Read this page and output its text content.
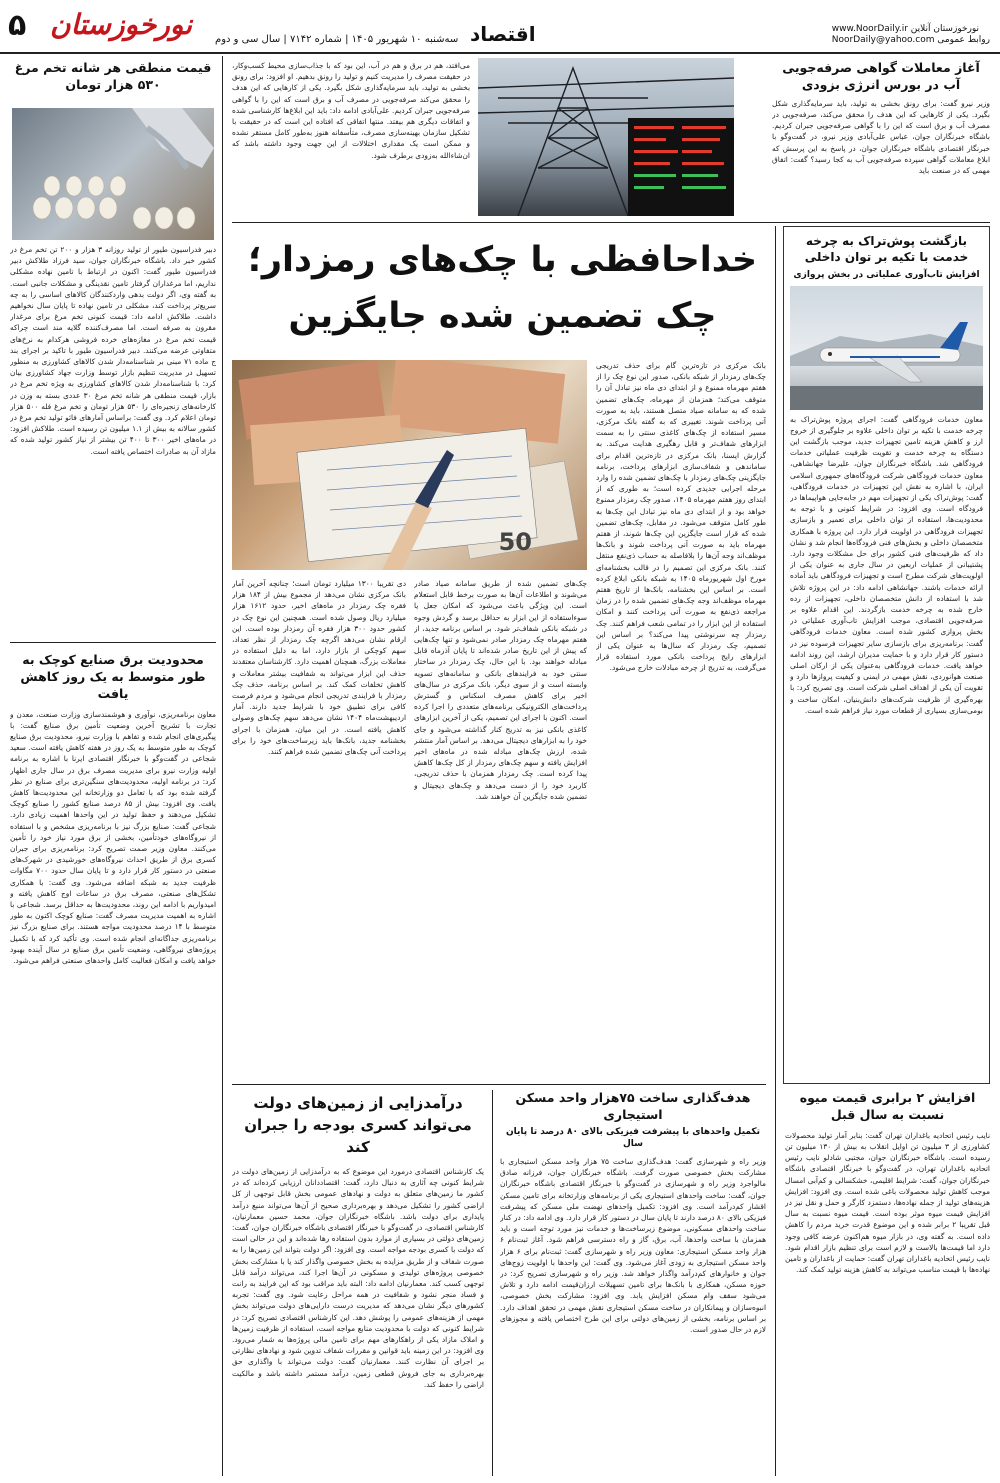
۵ نورخوزستان سه‌شنبه ۱۰ شهریور ۱۴۰۵ | شماره ۷۱۴۲ | سال سی و دوم اقتصاد	www.NoorDaily.ir نورخوزستان آنلاین
NoorDaily@yahoo.com روابط عمومی
آغاز معاملات گواهی صرفه‌جویی آب در بورس انرژی بزودی
وزیر نیرو گفت: برای رونق بخشی به تولید، باید سرمایه‌گذاری شکل بگیرد. یکی از کارهایی که این هدف را محقق می‌کند، صرفه‌جویی در مصرف آب و برق است که این را با گواهی صرفه‌جویی جبران کردیم. باشگاه خبرنگاران جوان، عباس علی‌آبادی وزیر نیرو، در گفت‌وگو با خبرنگار اقتصادی باشگاه خبرنگاران جوان، در پاسخ به این پرسش که ابلاغ معاملات گواهی سپرده صرفه‌جویی آب به کجا رسید؟ گفت: اتفاق مهمی که در صنعت باید
می‌افتد، هم در برق و هم در آب، این بود که با جذاب‌سازی محیط کسب‌وکار، در حقیقت مصرف را مدیریت کنیم و تولید را رونق بدهیم. او افزود: برای رونق بخشی به تولید، باید سرمایه‌گذاری شکل بگیرد. یکی از کارهایی که این هدف را محقق می‌کند صرفه‌جویی در مصرف آب و برق است که این را با گواهی صرفه‌جویی جبران کردیم. علی‌آبادی ادامه داد: باید این ابلاغ‌ها کارشناسی شده و اتفاقات دیگری هم بیفتد. منتها اتفاقی که افتاده این است که در حقیقت با تشکیل سازمان بهینه‌سازی مصرف، متأسفانه هنوز به‌طور کامل مستقر نشده و ممکن است یک مقداری اختلالات از این جهت وجود داشته باشد که ان‌شاءالله به‌زودی برطرف شود.
قیمت منطقی هر شانه تخم مرغ ۵۳۰ هزار تومان
دبیر فدراسیون طیور از تولید روزانه ۳ هزار و ۲۰۰ تن تخم مرغ در کشور خبر داد. باشگاه خبرنگاران جوان، سید فرزاد طلاکش دبیر فدراسیون طیور گفت: اکنون در ارتباط با تامین نهاده مشکلی نداریم، اما مرغداران گرفتار تامین نقدینگی و مشکلات جانبی است. به گفته وی، اگر دولت بدهی واردکنندگان کالاهای اساسی را به چه سریع‌تر پرداخت کند، مشکلی در تامین نهاده تا پایان سال نخواهیم داشت. طلاکش ادامه داد: قیمت کنونی تخم مرغ برای مرغدار مقرون به صرفه است. اما مصرف‌کننده گلایه مند است چراکه قیمت تخم مرغ در مغازه‌های خرده فروشی هرکدام به نرخ‌های متفاوتی عرضه می‌کنند. دبیر فدراسیون طیور با تاکید بر اجرای بند ج ماده ۷۱ مبنی بر شناسنامه‌دار شدن کالاهای کشاورزی به منظور تسهیل در مدیریت تنظیم بازار توسط وزارت جهاد کشاورزی بیان کرد: با شناسنامه‌دار شدن کالاهای کشاورزی به ویژه تخم مرغ در بازار، قیمت منطقی هر شانه تخم مرغ ۳۰ عددی بسته به وزن در کارخانه‌های زنجیره‌ای را ۵۳۰ هزار تومان و تخم مرغ فله ۵۰۰ هزار تومان اعلام کرد. وی گفت: براساس آمارهای فائو تولید تخم مرغ در کشور سالانه به بیش از ۱.۱ میلیون تن رسیده است. طلاکش افزود: در ماه‌های اخیر ۳۰۰ تا ۴۰۰ تن بیشتر از نیاز کشور تولید شده که مازاد آن به صادرات اختصاص یافته است.
محدودیت برق صنایع کوچک به طور متوسط به یک روز کاهش یافت
معاون برنامه‌ریزی، نوآوری و هوشمندسازی وزارت صنعت، معدن و تجارت با تشریح آخرین وضعیت تأمین برق صنایع گفت: با پیگیری‌های انجام شده و تفاهم با وزارت نیرو، محدودیت برق صنایع کوچک به طور متوسط به یک روز در هفته کاهش یافته است. سعید شجاعی در گفت‌وگو با خبرنگار اقتصادی ایرنا با اشاره به برنامه اولیه وزارت نیرو برای مدیریت مصرف برق در سال جاری اظهار کرد: در برنامه اولیه، محدودیت‌های سنگین‌تری برای صنایع در نظر گرفته شده بود که با تعامل دو وزارتخانه این محدودیت‌ها کاهش یافت. وی افزود: بیش از ۸۵ درصد صنایع کشور را صنایع کوچک تشکیل می‌دهند و حفظ تولید در این واحدها اهمیت زیادی دارد. شجاعی گفت: صنایع بزرگ نیز با برنامه‌ریزی مشخص و با استفاده از نیروگاه‌های خودتأمین، بخشی از برق مورد نیاز خود را تأمین می‌کنند. معاون وزیر صمت تصریح کرد: برنامه‌ریزی برای جبران کسری برق از طریق احداث نیروگاه‌های خورشیدی در شهرک‌های صنعتی در دستور کار قرار دارد و تا پایان سال حدود ۷۰۰ مگاوات ظرفیت جدید به شبکه اضافه می‌شود. وی گفت: با همکاری تشکل‌های صنعتی، مصرف برق در ساعات اوج کاهش یافته و امیدواریم با ادامه این روند، محدودیت‌ها به حداقل برسد. شجاعی با اشاره به اهمیت مدیریت مصرف گفت: صنایع کوچک اکنون به طور متوسط با ۱۴ درصد محدودیت مواجه هستند. برای صنایع بزرگ نیز برنامه‌ریزی جداگانه‌ای انجام شده است. وی تأکید کرد که با تکمیل پروژه‌های نیروگاهی، وضعیت تأمین برق صنایع در سال آینده بهبود خواهد یافت و امکان فعالیت کامل واحدهای صنعتی فراهم می‌شود.
بازگشت پوش‌تراک به چرخه خدمت با تکیه بر توان داخلی
افزایش تاب‌آوری عملیاتی در بخش پروازی
معاون خدمات فرودگاهی گفت: اجرای پروژه پوش‌تراک به چرخه خدمت با تکیه بر توان داخلی علاوه بر جلوگیری از خروج ارز و کاهش هزینه تامین تجهیزات جدید، موجب بازگشت این دستگاه به چرخه خدمت و تقویت ظرفیت عملیاتی خدمات فرودگاهی شد. باشگاه خبرنگاران جوان، علیرضا جهانشاهی، معاون خدمات فرودگاهی شرکت فرودگاه‌های جمهوری اسلامی ایران، با اشاره به نقش این تجهیزات در خدمات فرودگاهی، گفت: پوش‌تراک یکی از تجهیزات مهم در جابه‌جایی هواپیماها در فرودگاه است. وی افزود: در شرایط کنونی و با توجه به محدودیت‌ها، استفاده از توان داخلی برای تعمیر و بازسازی تجهیزات فرودگاهی در اولویت قرار دارد. این پروژه با همکاری متخصصان داخلی و بخش‌های فنی فرودگاه‌ها انجام شد و نشان داد که ظرفیت‌های فنی کشور برای حل مشکلات وجود دارد. پشتیبانی از عملیات اربعین در سال جاری به عنوان یکی از اولویت‌های شرکت مطرح است و تجهیزات فرودگاهی باید آماده ارائه خدمات باشند. جهانشاهی ادامه داد: در این پروژه تلاش شد با استفاده از دانش متخصصان داخلی، تجهیزات از رده خارج شده به چرخه خدمت بازگردند. این اقدام علاوه بر صرفه‌جویی اقتصادی، موجب افزایش تاب‌آوری عملیاتی در بخش پروازی کشور شده است. معاون خدمات فرودگاهی گفت: برنامه‌ریزی برای بازسازی سایر تجهیزات فرسوده نیز در دستور کار قرار دارد و با حمایت مدیران ارشد، این روند ادامه خواهد یافت. خدمات فرودگاهی به‌عنوان یکی از ارکان اصلی صنعت هوانوردی، نقش مهمی در ایمنی و کیفیت پروازها دارد و تقویت آن یکی از اهداف اصلی شرکت است. وی تصریح کرد: با بهره‌گیری از ظرفیت شرکت‌های دانش‌بنیان، امکان ساخت و بومی‌سازی بسیاری از قطعات مورد نیاز فراهم شده است.
افزایش ۲ برابری قیمت میوه نسبت به سال قبل
نایب رئیس اتحادیه باغداران تهران گفت: بنابر آمار تولید محصولات کشاورزی از ۳ میلیون تن اوایل انقلاب به بیش از ۱۳۰ میلیون تن رسیده است. باشگاه خبرنگاران جوان، مجتبی شادلو نایب رئیس اتحادیه باغداران تهران، در گفت‌وگو با خبرنگار اقتصادی باشگاه خبرنگاران جوان، گفت: شرایط اقلیمی، خشکسالی و کم‌آبی امسال موجب کاهش تولید محصولات باغی شده است. وی افزود: افزایش هزینه‌های تولید از جمله نهاده‌ها، دستمزد کارگر و حمل و نقل نیز در افزایش قیمت میوه موثر بوده است. قیمت میوه نسبت به سال قبل تقریبا ۲ برابر شده و این موضوع قدرت خرید مردم را کاهش داده است. به گفته وی، در بازار میوه هم‌اکنون عرضه کافی وجود دارد اما قیمت‌ها بالاست و لازم است برای تنظیم بازار اقدام شود. نایب رئیس اتحادیه باغداران تهران گفت: حمایت از باغداران و تامین نهاده‌ها با قیمت مناسب می‌تواند به کاهش هزینه تولید کمک کند.
خداحافظی با چک‌های رمزدار؛ چک تضمین شده جایگزین
بانک مرکزی در تازه‌ترین گام برای حذف تدریجی چک‌های رمزدار از شبکه بانکی، صدور این نوع چک را از هفتم مهرماه ممنوع و از ابتدای دی ماه نیز تبادل آن را متوقف می‌کند؛ همزمان از مهرماه، چک‌های تضمین شده که به سامانه صیاد متصل هستند، باید به صورت آنی پرداخت شوند. تغییری که به گفته بانک مرکزی، مسیر استفاده از چک‌های کاغذی سنتی را به سمت ابزارهای شفاف‌تر و قابل رهگیری هدایت می‌کند. به گزارش ایسنا، بانک مرکزی در تازه‌ترین اقدام برای ساماندهی و شفاف‌سازی ابزارهای پرداخت، برنامه جایگزینی چک‌های رمزدار با چک‌های تضمین شده را وارد مرحله اجرایی جدیدی کرده است؛ به طوری که از ابتدای روز هفتم مهرماه ۱۴۰۵، صدور چک رمزدار ممنوع خواهد بود و از ابتدای دی ماه نیز تبادل این چک‌ها به طور کامل متوقف می‌شود. در مقابل، چک‌های تضمین شده که قرار است جایگزین این چک‌ها شوند، از هفتم مهرماه باید به صورت آنی پرداخت شوند و بانک‌ها موظف‌اند وجه آن‌ها را بلافاصله به حساب ذی‌نفع منتقل کنند. بانک مرکزی این تصمیم را در قالب بخشنامه‌ای مورخ اول شهریورماه ۱۴۰۵ به شبکه بانکی ابلاغ کرده است. بر اساس این بخشنامه، بانک‌ها از تاریخ هفتم مهرماه موظف‌اند وجه چک‌های تضمین شده را در زمان مراجعه ذی‌نفع به صورت آنی پرداخت کنند و امکان استفاده از این ابزار را در تمامی شعب فراهم کنند. چک رمزدار چه سرنوشتی پیدا می‌کند؟ بر اساس این تصمیم، چک رمزدار که سال‌ها به عنوان یکی از ابزارهای رایج پرداخت بانکی مورد استفاده قرار می‌گرفت، به تدریج از چرخه مبادلات خارج می‌شود.
50
چک‌های تضمین شده از طریق سامانه صیاد صادر می‌شوند و اطلاعات آن‌ها به صورت برخط قابل استعلام است. این ویژگی باعث می‌شود که امکان جعل یا سوءاستفاده از این ابزار به حداقل برسد و گردش وجوه در شبکه بانکی شفاف‌تر شود. بر اساس برنامه جدید، از هفتم مهرماه چک رمزدار صادر نمی‌شود و تنها چک‌هایی که پیش از این تاریخ صادر شده‌اند تا پایان آذرماه قابل مبادله خواهند بود. با این حال، چک رمزدار در ساختار سنتی خود به فرایندهای بانکی و سامانه‌های تسویه وابسته است و از سوی دیگر، بانک مرکزی در سال‌های اخیر برای کاهش مصرف اسکناس و گسترش پرداخت‌های الکترونیکی برنامه‌های متعددی را اجرا کرده است. اکنون با اجرای این تصمیم، یکی از آخرین ابزارهای کاغذی بانکی نیز به تدریج کنار گذاشته می‌شود و جای خود را به ابزارهای دیجیتال می‌دهد. بر اساس آمار منتشر شده، ارزش چک‌های مبادله شده در ماه‌های اخیر افزایش یافته و سهم چک‌های رمزدار از کل چک‌ها کاهش پیدا کرده است. چک رمزدار همزمان با حذف تدریجی، کاربرد خود را از دست می‌دهد و چک‌های دیجیتال و تضمین شده جایگزین آن خواهند شد.
دی تقریبا ۱۳۰۰ میلیارد تومان است؛ چنانچه آخرین آمار بانک مرکزی نشان می‌دهد از مجموع بیش از ۱۸۴ هزار فقره چک رمزدار در ماه‌های اخیر، حدود ۱۶۱۲ هزار میلیارد ریال وصول شده است. همچنین این نوع چک در کشور حدود ۳۰۰ هزار فقره آن رمزدار بوده است. این ارقام نشان می‌دهد اگرچه چک رمزدار از نظر تعداد، سهم کوچکی از بازار دارد، اما به دلیل استفاده در معاملات بزرگ، همچنان اهمیت دارد. کارشناسان معتقدند حذف این ابزار می‌تواند به شفافیت بیشتر معاملات و کاهش تخلفات کمک کند. بر اساس برنامه، حذف چک رمزدار با فرایندی تدریجی انجام می‌شود و مردم فرصت کافی برای تطبیق خود با شرایط جدید دارند. آمار اردیبهشت‌ماه ۱۴۰۴ نشان می‌دهد سهم چک‌های وصولی کاهش یافته است. در این میان، همزمان با اجرای بخشنامه جدید، بانک‌ها باید زیرساخت‌های خود را برای پرداخت آنی چک‌های تضمین شده فراهم کنند.
هدف‌گذاری ساخت ۷۵هزار واحد مسکن استیجاری
تکمیل واحدهای با پیشرفت فیزیکی بالای ۸۰ درصد تا پایان سال
وزیر راه و شهرسازی گفت: هدف‌گذاری ساخت ۷۵ هزار واحد مسکن استیجاری با مشارکت بخش خصوصی صورت گرفت. باشگاه خبرنگاران جوان، فرزانه صادق مالواجرد وزیر راه و شهرسازی در گفت‌وگو با خبرنگار اقتصادی باشگاه خبرنگاران جوان، گفت: ساخت واحدهای استیجاری یکی از برنامه‌های وزارتخانه برای تامین مسکن اقشار کم‌درآمد است. وی افزود: تکمیل واحدهای نهضت ملی مسکن که پیشرفت فیزیکی بالای ۸۰ درصد دارند تا پایان سال در دستور کار قرار دارد. وی ادامه داد: در کنار ساخت واحدهای مسکونی، موضوع زیرساخت‌ها و خدمات نیز مورد توجه است و باید همزمان با ساخت واحدها، آب، برق، گاز و راه دسترسی فراهم شود. آغاز ثبت‌نام ۶ هزار واحد مسکن استیجاری: معاون وزیر راه و شهرسازی گفت: ثبت‌نام برای ۶ هزار واحد مسکن استیجاری به زودی آغاز می‌شود. وی گفت: این واحدها با اولویت زوج‌های جوان و خانوارهای کم‌درآمد واگذار خواهد شد. وزیر راه و شهرسازی تصریح کرد: در حوزه مسکن، همکاری با بانک‌ها برای تامین تسهیلات ارزان‌قیمت ادامه دارد و تلاش می‌شود سقف وام مسکن افزایش یابد. وی افزود: مشارکت بخش خصوصی، انبوه‌سازان و پیمانکاران در ساخت مسکن استیجاری نقش مهمی در تحقق اهداف دارد. بر اساس برنامه، بخشی از زمین‌های دولتی برای این طرح اختصاص یافته و مجوزهای لازم در حال صدور است.
درآمدزایی از زمین‌های دولت می‌تواند کسری بودجه را جبران کند
یک کارشناس اقتصادی درمورد این موضوع که به درآمدزایی از زمین‌های دولت در شرایط کنونی چه آثاری به دنبال دارد، گفت: اقتصاددانان ارزیابی کرده‌اند که در کشور ما زمین‌های متعلق به دولت و نهادهای عمومی بخش قابل توجهی از کل اراضی کشور را تشکیل می‌دهد و بهره‌برداری صحیح از آن‌ها می‌تواند منبع درآمد پایداری برای دولت باشد. باشگاه خبرنگاران جوان، محمد حسین معمارنیان، کارشناس اقتصادی، در گفت‌وگو با خبرنگار اقتصادی باشگاه خبرنگاران جوان، گفت: زمین‌های دولتی در بسیاری از موارد بدون استفاده رها شده‌اند و این در حالی است که دولت با کسری بودجه مواجه است. وی افزود: اگر دولت بتواند این زمین‌ها را به صورت شفاف و از طریق مزایده به بخش خصوصی واگذار کند یا با مشارکت بخش خصوصی پروژه‌های تولیدی و مسکونی در آن‌ها اجرا کند، می‌تواند درآمد قابل توجهی کسب کند. معمارنیان ادامه داد: البته باید مراقب بود که این فرایند به رانت و فساد منجر نشود و شفافیت در همه مراحل رعایت شود. وی گفت: تجربه کشورهای دیگر نشان می‌دهد که مدیریت درست دارایی‌های دولت می‌تواند بخش مهمی از هزینه‌های عمومی را پوشش دهد. این کارشناس اقتصادی تصریح کرد: در شرایط کنونی که دولت با محدودیت منابع مواجه است، استفاده از ظرفیت زمین‌ها و املاک مازاد یکی از راهکارهای مهم برای تامین مالی پروژه‌ها به شمار می‌رود. وی افزود: در این زمینه باید قوانین و مقررات شفاف تدوین شود و نهادهای نظارتی بر اجرای آن نظارت کنند. معمارنیان گفت: دولت می‌تواند با واگذاری حق بهره‌برداری به جای فروش قطعی زمین، درآمد مستمر داشته باشد و مالکیت اراضی را حفظ کند.
